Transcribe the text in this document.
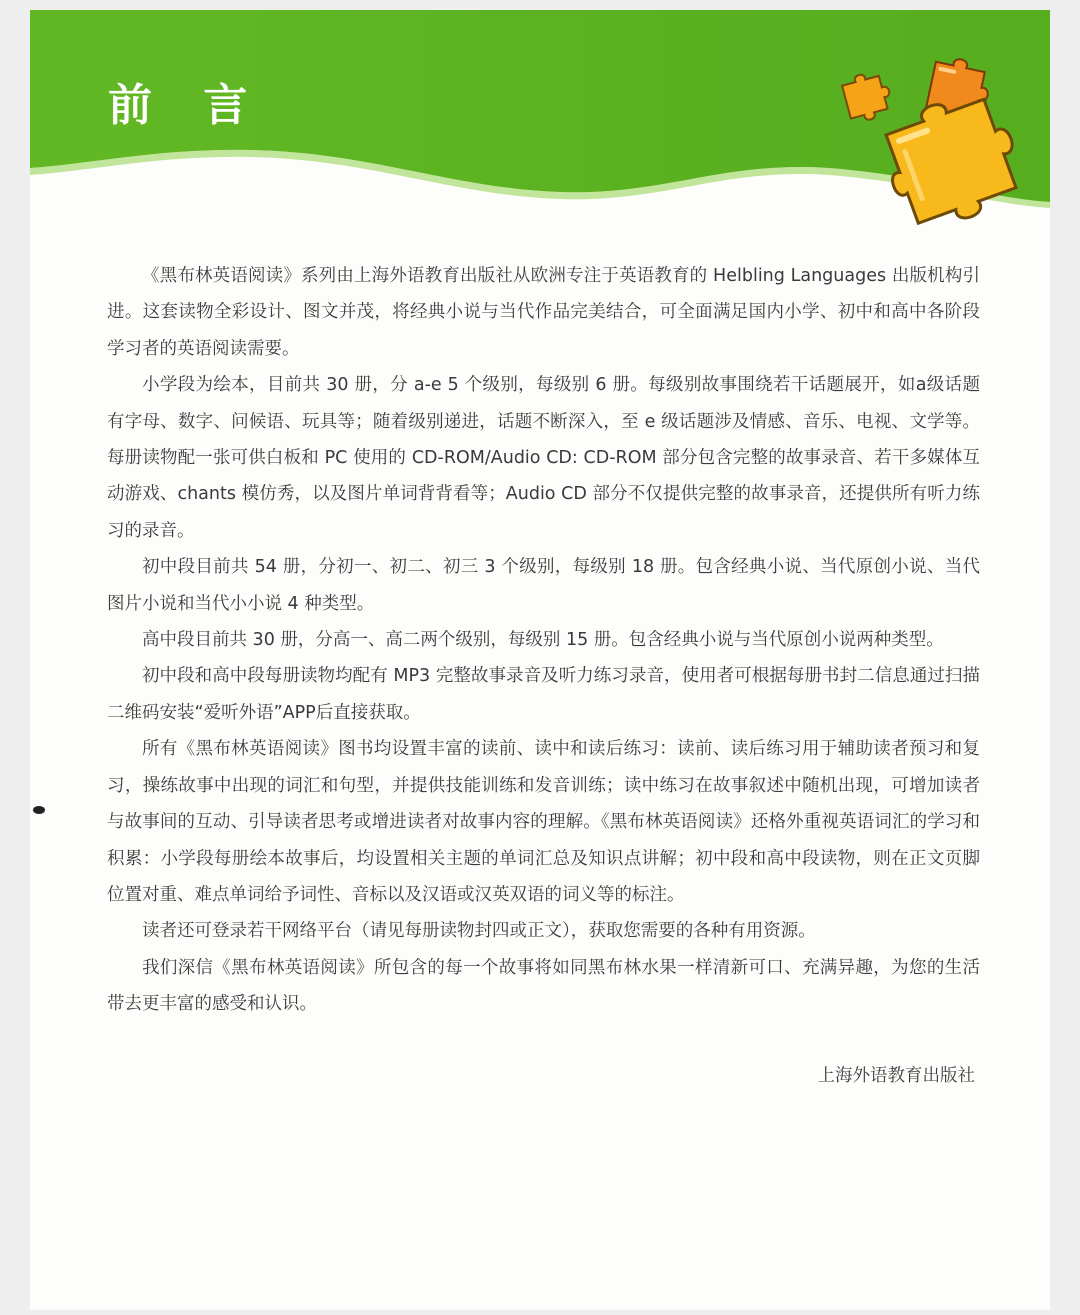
前 言

《黑布林英语阅读》系列由上海外语教育出版社从欧洲专注于英语教育的 Helbling Languages 出版机构引进。这套读物全彩设计、图文并茂，将经典小说与当代作品完美结合，可全面满足国内小学、初中和高中各阶段学习者的英语阅读需要。

小学段为绘本，目前共 30 册，分 a-e 5 个级别，每级别 6 册。每级别故事围绕若干话题展开，如a级话题有字母、数字、问候语、玩具等；随着级别递进，话题不断深入，至 e 级话题涉及情感、音乐、电视、文学等。每册读物配一张可供白板和 PC 使用的 CD-ROM/Audio CD: CD-ROM 部分包含完整的故事录音、若干多媒体互动游戏、chants 模仿秀，以及图片单词背背看等；Audio CD 部分不仅提供完整的故事录音，还提供所有听力练习的录音。

初中段目前共 54 册，分初一、初二、初三 3 个级别，每级别 18 册。包含经典小说、当代原创小说、当代图片小说和当代小小说 4 种类型。

高中段目前共 30 册，分高一、高二两个级别，每级别 15 册。包含经典小说与当代原创小说两种类型。

初中段和高中段每册读物均配有 MP3 完整故事录音及听力练习录音，使用者可根据每册书封二信息通过扫描二维码安装“爱听外语”APP后直接获取。

所有《黑布林英语阅读》图书均设置丰富的读前、读中和读后练习：读前、读后练习用于辅助读者预习和复习，操练故事中出现的词汇和句型，并提供技能训练和发音训练；读中练习在故事叙述中随机出现，可增加读者与故事间的互动、引导读者思考或增进读者对故事内容的理解。《黑布林英语阅读》还格外重视英语词汇的学习和积累：小学段每册绘本故事后，均设置相关主题的单词汇总及知识点讲解；初中段和高中段读物，则在正文页脚位置对重、难点单词给予词性、音标以及汉语或汉英双语的词义等的标注。

读者还可登录若干网络平台（请见每册读物封四或正文），获取您需要的各种有用资源。

我们深信《黑布林英语阅读》所包含的每一个故事将如同黑布林水果一样清新可口、充满异趣，为您的生活带去更丰富的感受和认识。

上海外语教育出版社
